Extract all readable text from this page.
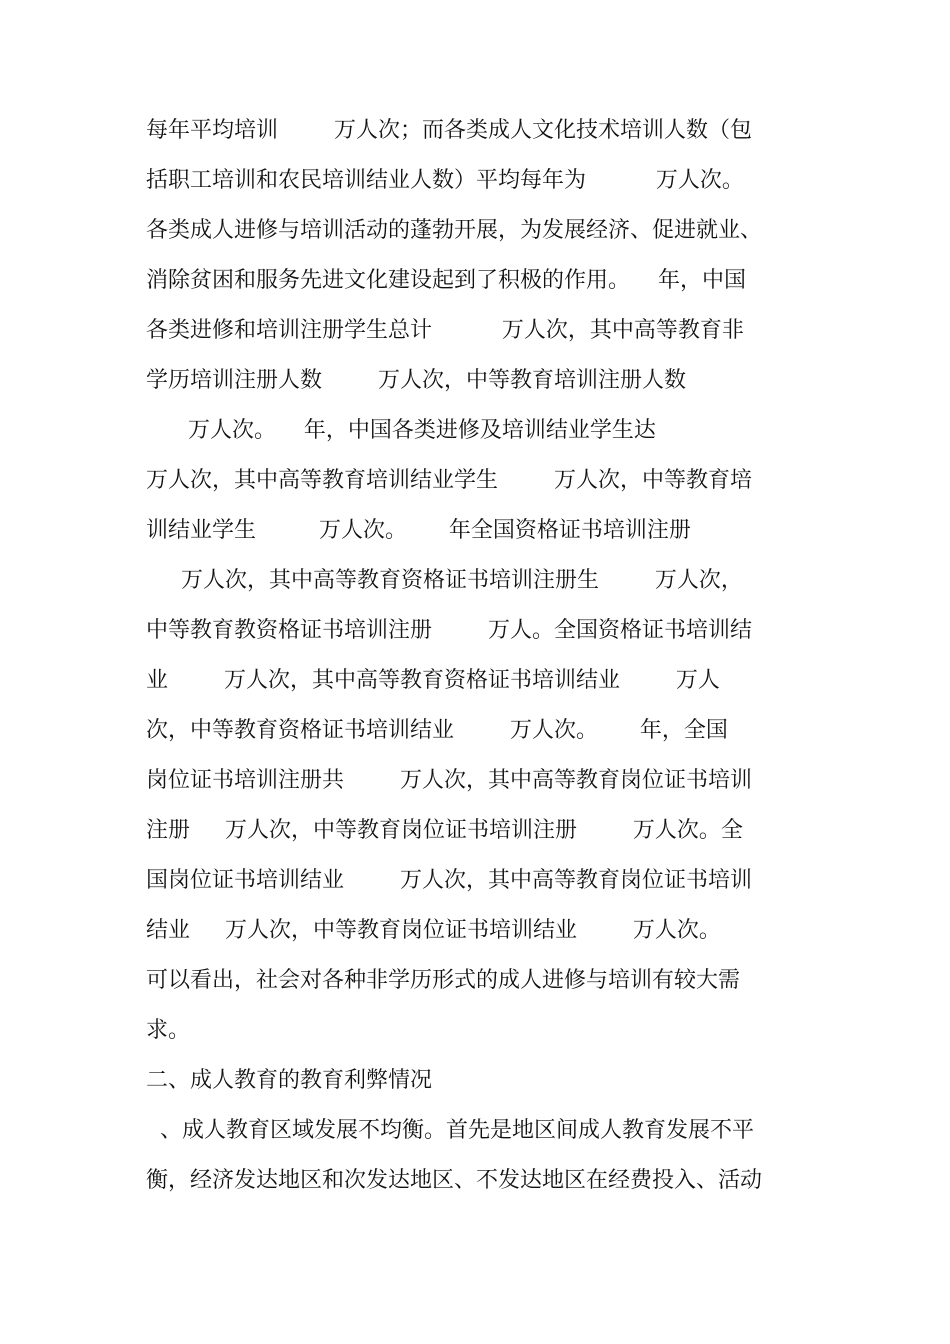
每年平均培训        万人次；而各类成人文化技术培训人数（包
括职工培训和农民培训结业人数）平均每年为          万人次。
各类成人进修与培训活动的蓬勃开展，为发展经济、促进就业、
消除贫困和服务先进文化建设起到了积极的作用。    年，中国
各类进修和培训注册学生总计          万人次，其中高等教育非
学历培训注册人数        万人次，中等教育培训注册人数
万人次。    年，中国各类进修及培训结业学生达
万人次，其中高等教育培训结业学生        万人次，中等教育培
训结业学生         万人次。      年全国资格证书培训注册
万人次，其中高等教育资格证书培训注册生        万人次，
中等教育教资格证书培训注册        万人。全国资格证书培训结
业        万人次，其中高等教育资格证书培训结业        万人
次，中等教育资格证书培训结业        万人次。      年，全国
岗位证书培训注册共        万人次，其中高等教育岗位证书培训
注册     万人次，中等教育岗位证书培训注册        万人次。全
国岗位证书培训结业        万人次，其中高等教育岗位证书培训
结业     万人次，中等教育岗位证书培训结业        万人次。
可以看出，社会对各种非学历形式的成人进修与培训有较大需
求。
二、成人教育的教育利弊情况
、成人教育区域发展不均衡。首先是地区间成人教育发展不平
衡，经济发达地区和次发达地区、不发达地区在经费投入、活动
